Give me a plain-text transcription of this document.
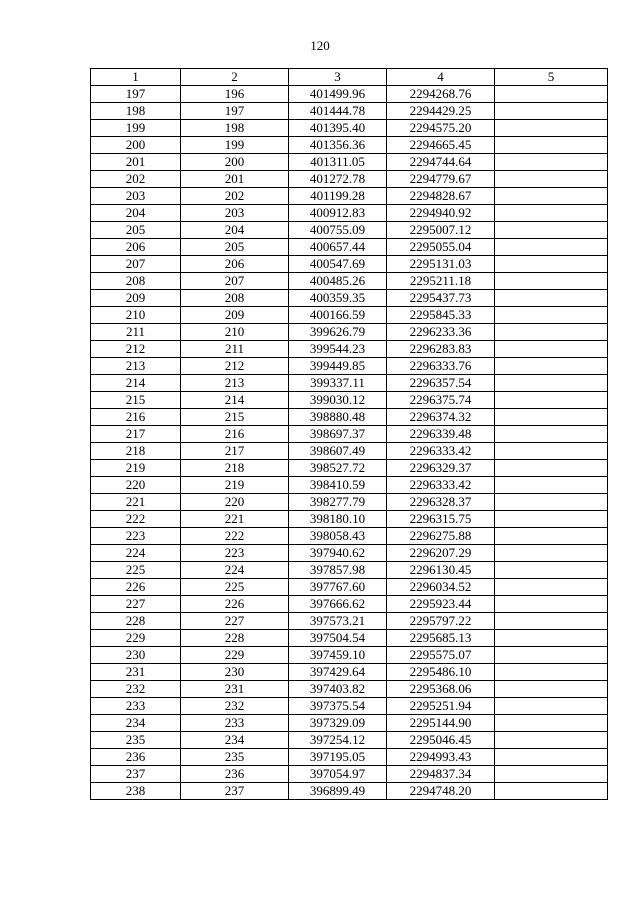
120
1	2	3	4	5
197	196	401499.96	2294268.76	
198	197	401444.78	2294429.25	
199	198	401395.40	2294575.20	
200	199	401356.36	2294665.45	
201	200	401311.05	2294744.64	
202	201	401272.78	2294779.67	
203	202	401199.28	2294828.67	
204	203	400912.83	2294940.92	
205	204	400755.09	2295007.12	
206	205	400657.44	2295055.04	
207	206	400547.69	2295131.03	
208	207	400485.26	2295211.18	
209	208	400359.35	2295437.73	
210	209	400166.59	2295845.33	
211	210	399626.79	2296233.36	
212	211	399544.23	2296283.83	
213	212	399449.85	2296333.76	
214	213	399337.11	2296357.54	
215	214	399030.12	2296375.74	
216	215	398880.48	2296374.32	
217	216	398697.37	2296339.48	
218	217	398607.49	2296333.42	
219	218	398527.72	2296329.37	
220	219	398410.59	2296333.42	
221	220	398277.79	2296328.37	
222	221	398180.10	2296315.75	
223	222	398058.43	2296275.88	
224	223	397940.62	2296207.29	
225	224	397857.98	2296130.45	
226	225	397767.60	2296034.52	
227	226	397666.62	2295923.44	
228	227	397573.21	2295797.22	
229	228	397504.54	2295685.13	
230	229	397459.10	2295575.07	
231	230	397429.64	2295486.10	
232	231	397403.82	2295368.06	
233	232	397375.54	2295251.94	
234	233	397329.09	2295144.90	
235	234	397254.12	2295046.45	
236	235	397195.05	2294993.43	
237	236	397054.97	2294837.34	
238	237	396899.49	2294748.20	
